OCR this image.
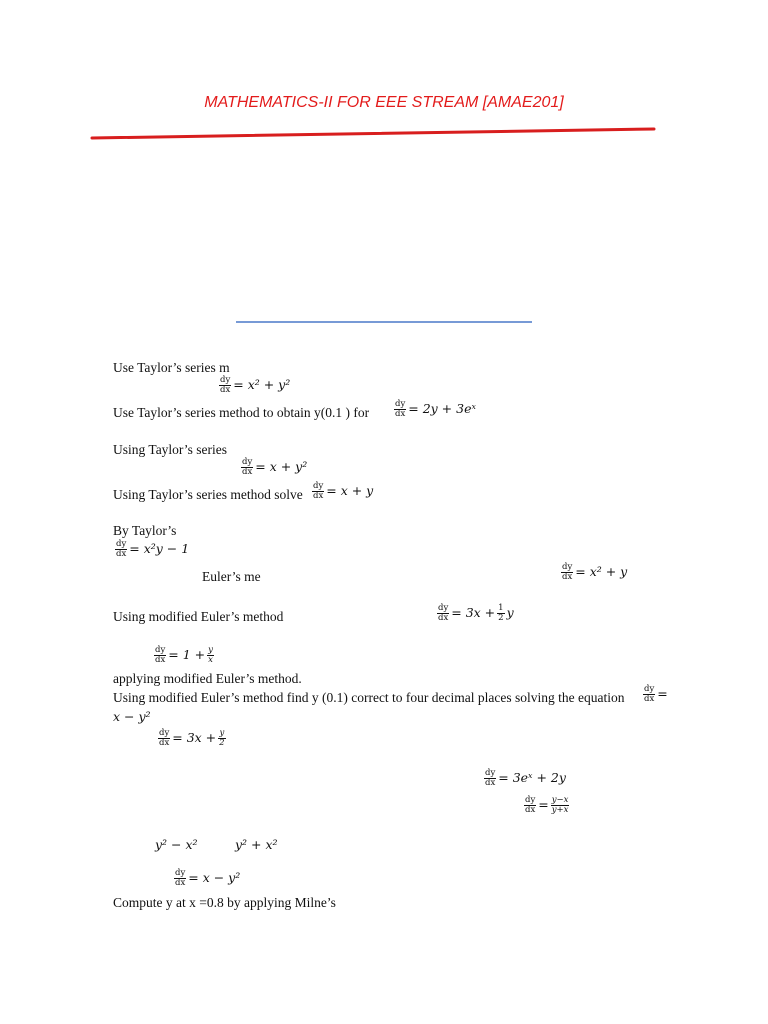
MATHEMATICS-II FOR EEE STREAM [AMAE201]
Use Taylor’s series m
$\frac{dy}{dx} = x^2 + y^2$
Use Taylor’s series method to obtain y(0.1 ) for	$\frac{dy}{dx} = 2y$ + 3eˣ
Using Taylor’s series
$\frac{dy}{dx} = x + y^2$
Using Taylor’s series method solve $\frac{dy}{dx} = x + y$
By Taylor’s
$\frac{dy}{dx} = x^2y - 1$
Euler’s me	$\frac{dy}{dx} = x^2 + y$
Using modified Euler’s method	$\frac{dy}{dx} = 3x + \frac{1}{2}$ y
$\frac{dy}{dx} = 1 + \frac{y}{x}$
applying modified Euler’s method.
Using modified Euler’s method find y (0.1) correct to four decimal places solving the equation $\frac{dy}{dx}$ =
x − y²
$\frac{dy}{dx} = 3x + \frac{y}{2}$
$\frac{dy}{dx}$ = 3eˣ + 2y
$\frac{dy}{dx} = \frac{y-x}{y+x}$
y² − x²	y² + x²
$\frac{dy}{dx} = x - y^2$
Compute y at x =0.8 by applying Milne’s
